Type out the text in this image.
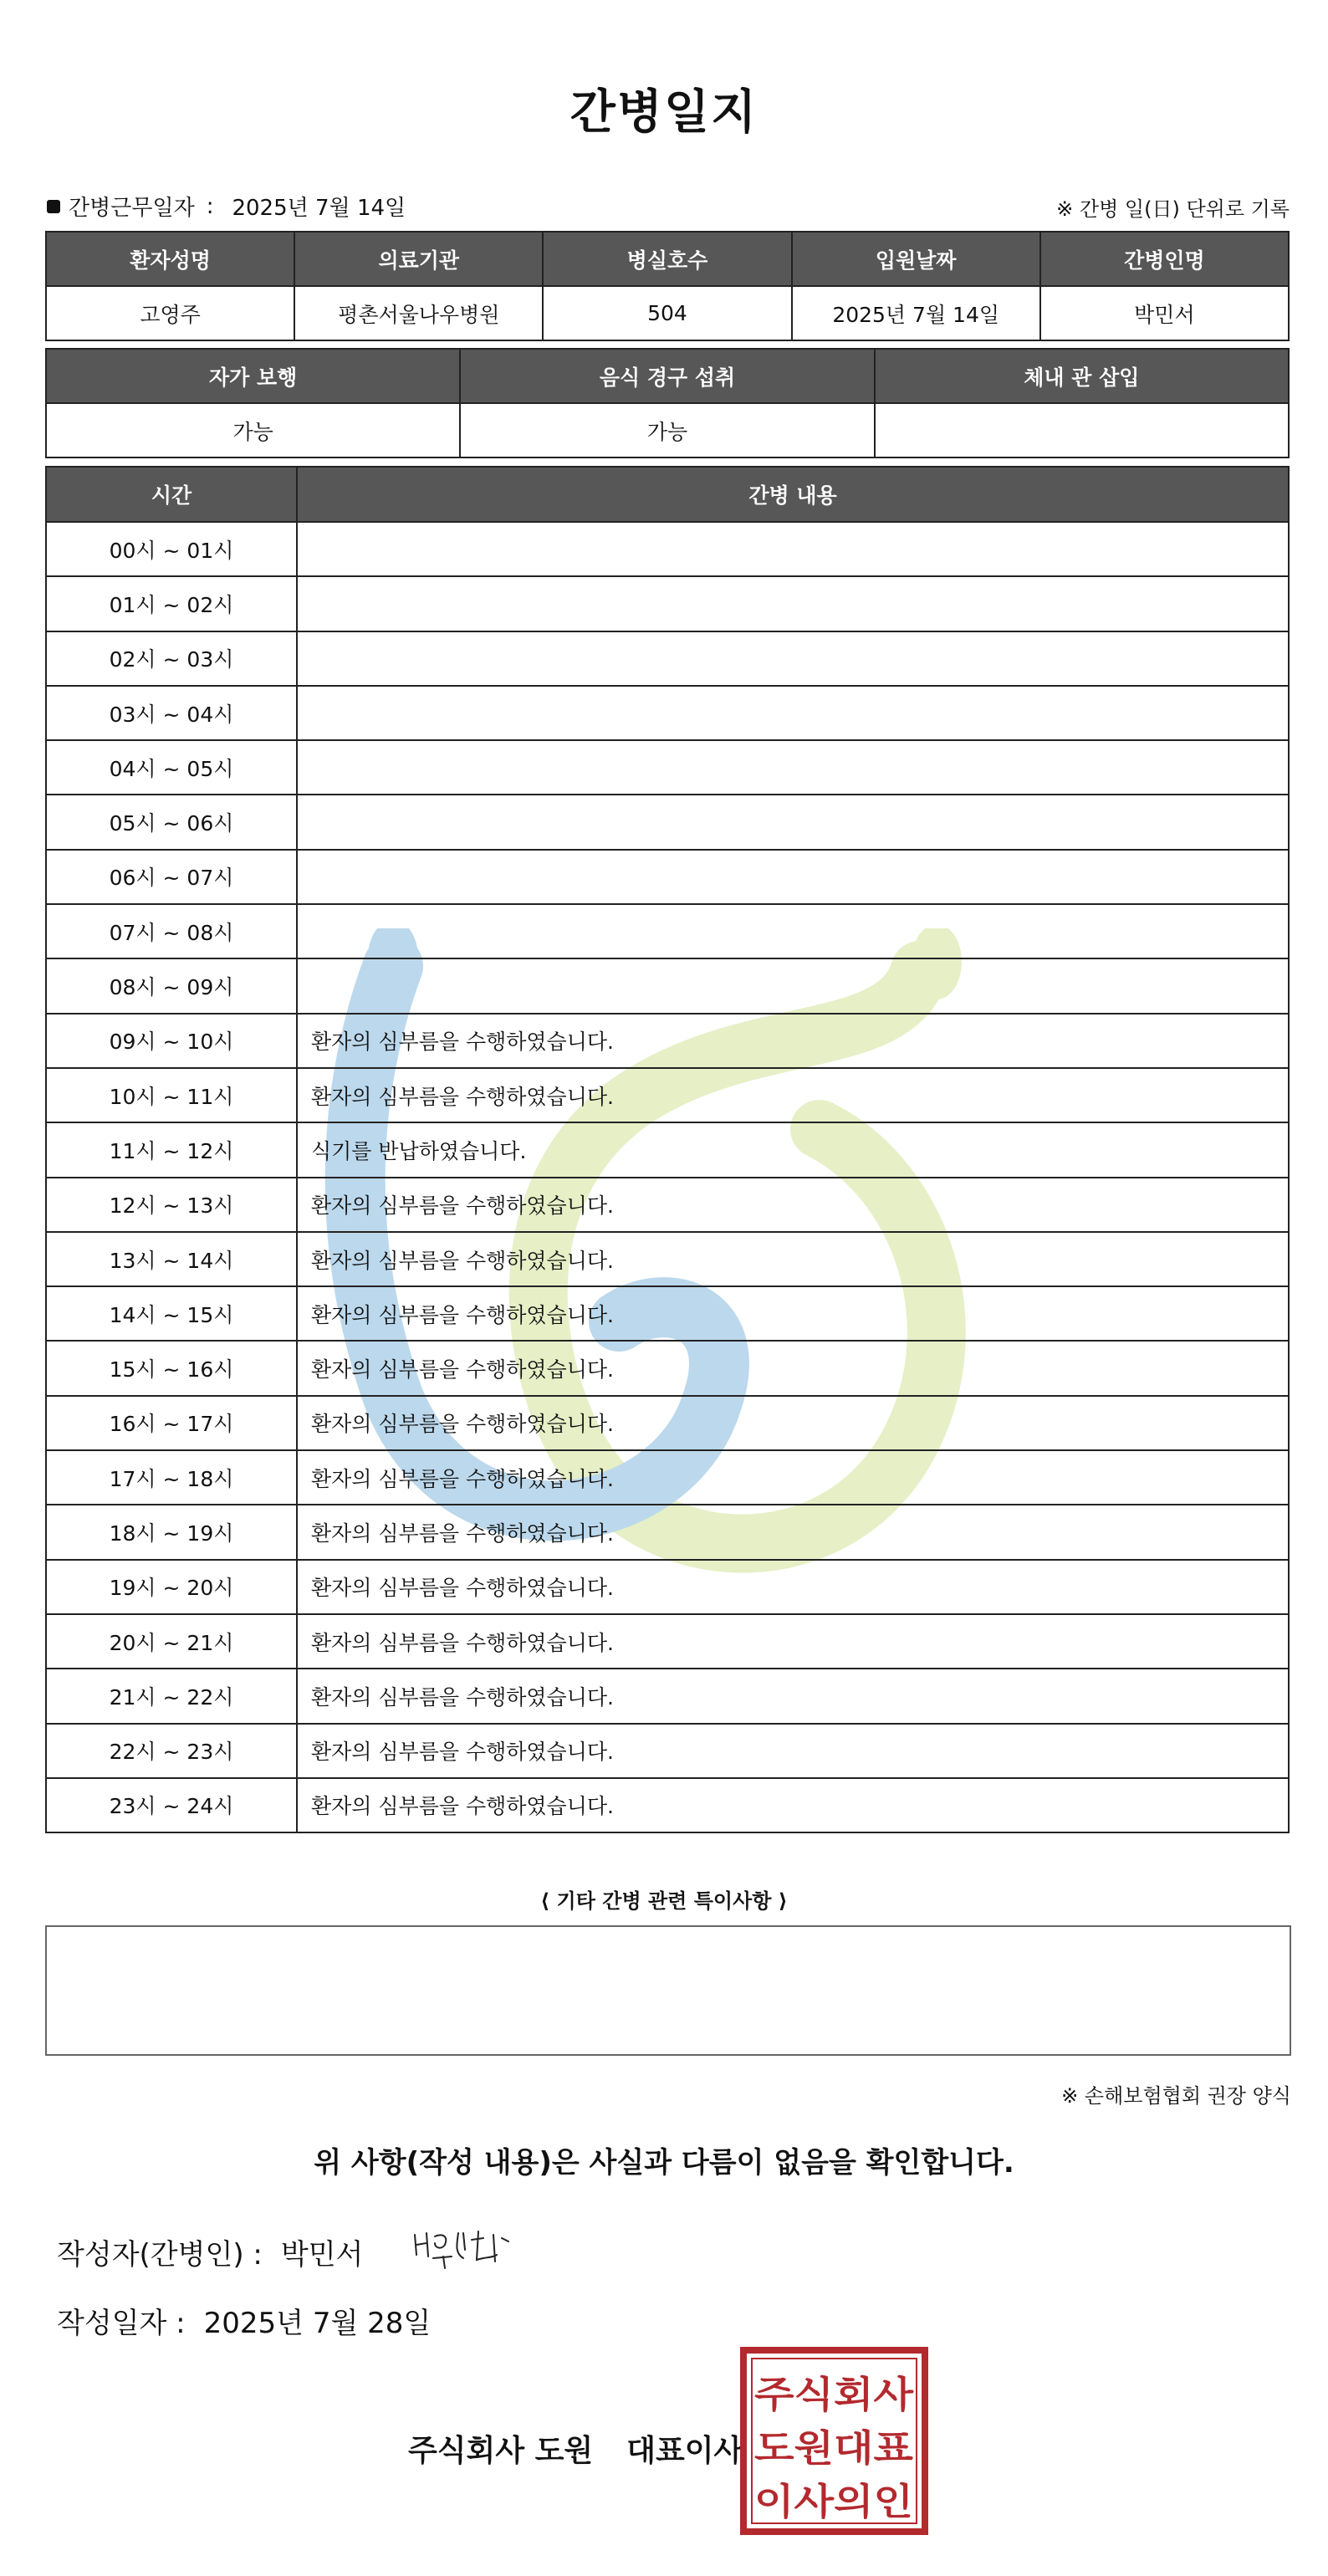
간병일지
간병근무일자 : 2025년 7월 14일	※ 간병 일(日) 단위로 기록
환자성명	의료기관	병실호수	입원날짜	간병인명
고영주	평촌서울나우병원	504	2025년 7월 14일	박민서
자가 보행	음식 경구 섭취	체내 관 삽입
가능	가능	
시간	간병 내용
00시 ~ 01시	
01시 ~ 02시	
02시 ~ 03시	
03시 ~ 04시	
04시 ~ 05시	
05시 ~ 06시	
06시 ~ 07시	
07시 ~ 08시	
08시 ~ 09시	
09시 ~ 10시	환자의 심부름을 수행하였습니다.
10시 ~ 11시	환자의 심부름을 수행하였습니다.
11시 ~ 12시	식기를 반납하였습니다.
12시 ~ 13시	환자의 심부름을 수행하였습니다.
13시 ~ 14시	환자의 심부름을 수행하였습니다.
14시 ~ 15시	환자의 심부름을 수행하였습니다.
15시 ~ 16시	환자의 심부름을 수행하였습니다.
16시 ~ 17시	환자의 심부름을 수행하였습니다.
17시 ~ 18시	환자의 심부름을 수행하였습니다.
18시 ~ 19시	환자의 심부름을 수행하였습니다.
19시 ~ 20시	환자의 심부름을 수행하였습니다.
20시 ~ 21시	환자의 심부름을 수행하였습니다.
21시 ~ 22시	환자의 심부름을 수행하였습니다.
22시 ~ 23시	환자의 심부름을 수행하였습니다.
23시 ~ 24시	환자의 심부름을 수행하였습니다.
⟨ 기타 간병 관련 특이사항 ⟩
※ 손해보험협회 권장 양식
위 사항(작성 내용)은 사실과 다름이 없음을 확인합니다.
작성자(간병인) : 박민서
작성일자 : 2025년 7월 28일
주식회사 도원 대표이사
주식회사
도원대표
이사의인
